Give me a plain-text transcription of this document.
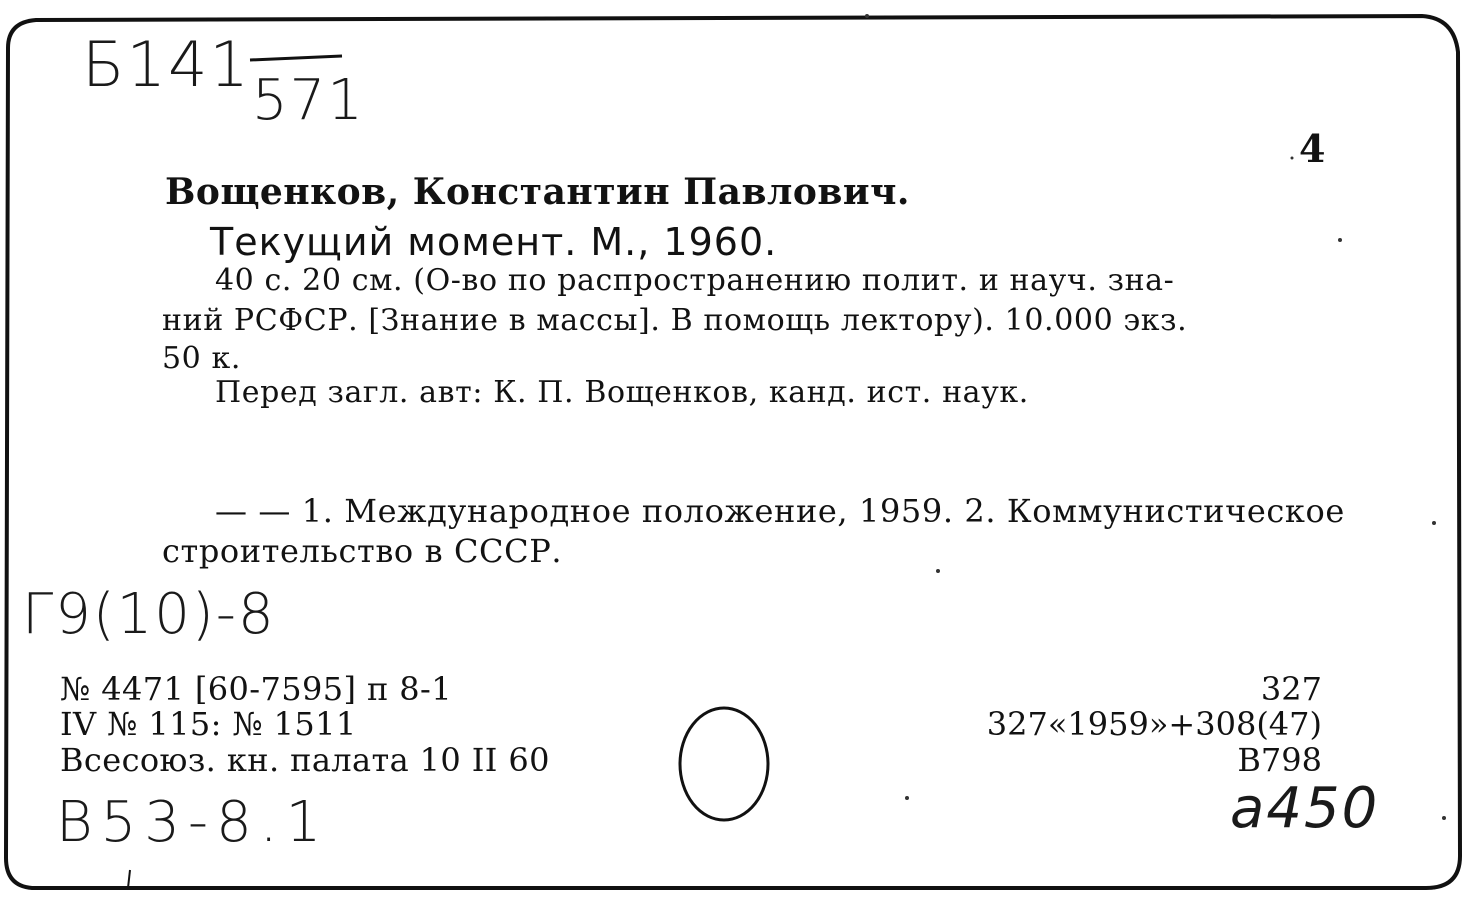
Б141 571
4
Вощенков, Константин Павлович.
Текущий момент. М., 1960.
40 с. 20 см. (О-во по распространению полит. и науч. зна-
ний РСФСР. [Знание в массы]. В помощь лектору). 10.000 экз.
50 к.
Перед загл. авт: К. П. Вощенков, канд. ист. наук.
— — 1. Международное положение, 1959. 2. Коммунистическое
строительство в СССР.
Г9(10)-8
№ 4471 [60-7595] п 8-1
IV № 115: № 1511
Всесоюз. кн. палата 10 II 60
327
327«1959»+308(47)
В798
В53-8.1	a450
